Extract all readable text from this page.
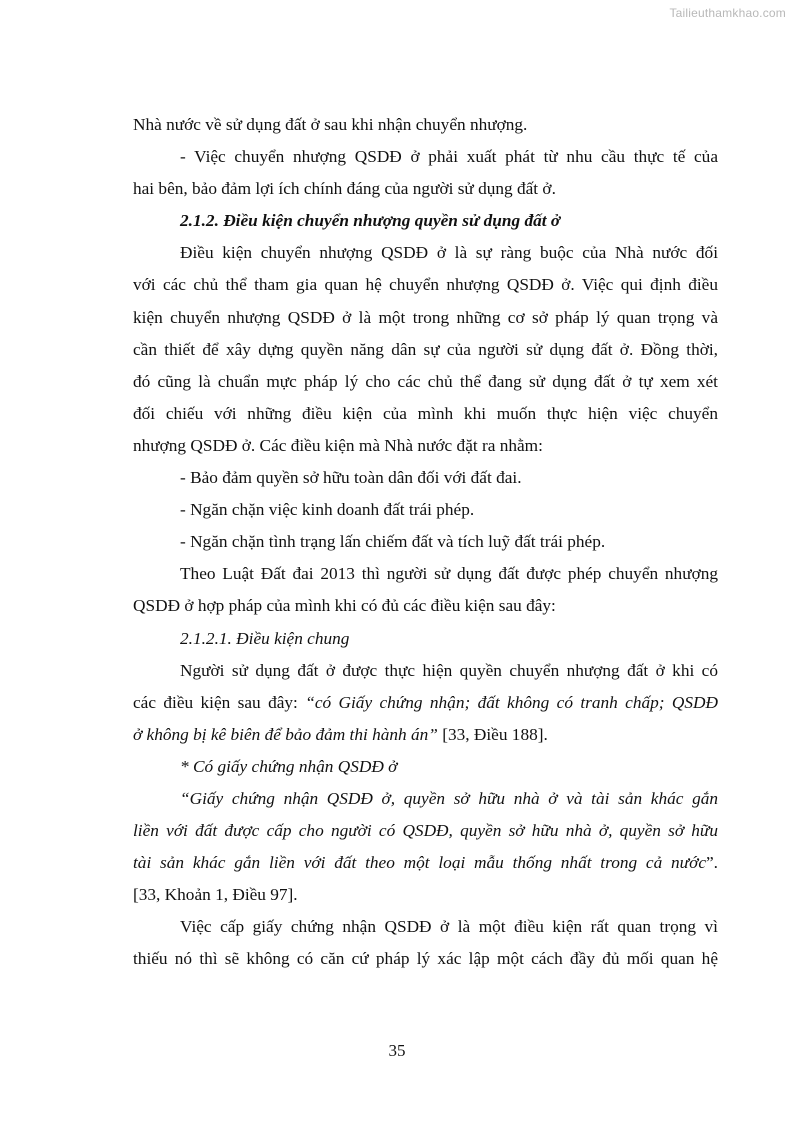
Tailieuthamkhao.com

Nhà nước về sử dụng đất ở sau khi nhận chuyển nhượng.

- Việc chuyển nhượng QSDĐ ở phải xuất phát từ nhu cầu thực tế của

hai bên, bảo đảm lợi ích chính đáng của người sử dụng đất ở.

2.1.2. Điều kiện chuyển nhượng quyền sử dụng đất ở

Điều kiện chuyển nhượng QSDĐ ở là sự ràng buộc của Nhà nước đối

với các chủ thể tham gia quan hệ chuyển nhượng QSDĐ ở. Việc qui định điều

kiện chuyển nhượng QSDĐ ở là một trong những cơ sở pháp lý quan trọng và

cần thiết để xây dựng quyền năng dân sự của người sử dụng đất ở. Đồng thời,

đó cũng là chuẩn mực pháp lý cho các chủ thể đang sử dụng đất ở tự xem xét

đối chiếu với những điều kiện của mình khi muốn thực hiện việc chuyển

nhượng QSDĐ ở. Các điều kiện mà Nhà nước đặt ra nhằm:

- Bảo đảm quyền sở hữu toàn dân đối với đất đai.

- Ngăn chặn việc kinh doanh đất trái phép.

- Ngăn chặn tình trạng lấn chiếm đất và tích luỹ đất trái phép.

Theo Luật Đất đai 2013 thì người sử dụng đất được phép chuyển nhượng

QSDĐ ở hợp pháp của mình khi có đủ các điều kiện sau đây:

2.1.2.1. Điều kiện chung

Người sử dụng đất ở được thực hiện quyền chuyển nhượng đất ở khi có

các điều kiện sau đây: “có Giấy chứng nhận; đất không có tranh chấp; QSDĐ

ở không bị kê biên để bảo đảm thi hành án” [33, Điều 188].

* Có giấy chứng nhận QSDĐ ở

“Giấy chứng nhận QSDĐ ở, quyền sở hữu nhà ở và tài sản khác gắn

liền với đất được cấp cho người có QSDĐ, quyền sở hữu nhà ở, quyền sở hữu

tài sản khác gắn liền với đất theo một loại mẫu thống nhất trong cả nước”.

[33, Khoản 1, Điều 97].

Việc cấp giấy chứng nhận QSDĐ ở là một điều kiện rất quan trọng vì

thiếu nó thì sẽ không có căn cứ pháp lý xác lập một cách đầy đủ mối quan hệ

35
